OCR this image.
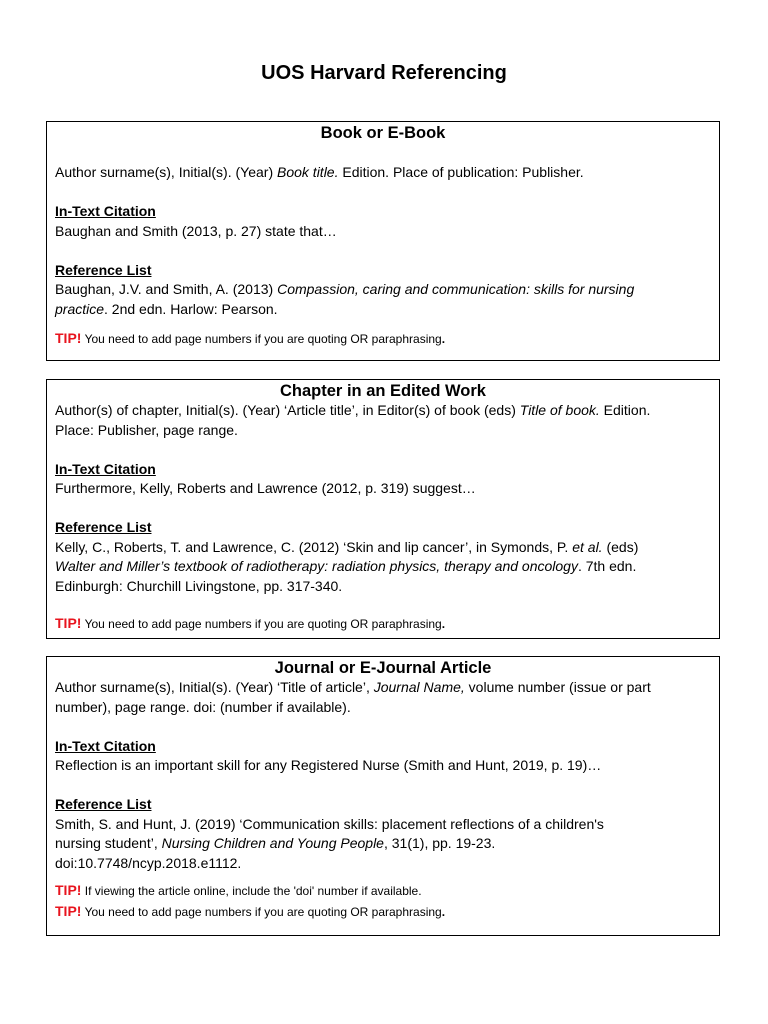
UOS Harvard Referencing
Book or E-Book
Author surname(s), Initial(s). (Year) Book title. Edition. Place of publication: Publisher.
In-Text Citation
Baughan and Smith (2013, p. 27) state that…
Reference List
Baughan, J.V. and Smith, A. (2013) Compassion, caring and communication: skills for nursing
practice. 2nd edn. Harlow: Pearson.
TIP! You need to add page numbers if you are quoting OR paraphrasing.
Chapter in an Edited Work
Author(s) of chapter, Initial(s). (Year) ‘Article title’, in Editor(s) of book (eds) Title of book. Edition.
Place: Publisher, page range.
In-Text Citation
Furthermore, Kelly, Roberts and Lawrence (2012, p. 319) suggest…
Reference List
Kelly, C., Roberts, T. and Lawrence, C. (2012) ‘Skin and lip cancer’, in Symonds, P. et al. (eds)
Walter and Miller’s textbook of radiotherapy: radiation physics, therapy and oncology. 7th edn.
Edinburgh: Churchill Livingstone, pp. 317-340.
TIP! You need to add page numbers if you are quoting OR paraphrasing.
Journal or E-Journal Article
Author surname(s), Initial(s). (Year) ‘Title of article’, Journal Name, volume number (issue or part
number), page range. doi: (number if available).
In-Text Citation
Reflection is an important skill for any Registered Nurse (Smith and Hunt, 2019, p. 19)…
Reference List
Smith, S. and Hunt, J. (2019) ‘Communication skills: placement reflections of a children's
nursing student’, Nursing Children and Young People, 31(1), pp. 19-23.
doi:10.7748/ncyp.2018.e1112.
TIP! If viewing the article online, include the 'doi' number if available.
TIP! You need to add page numbers if you are quoting OR paraphrasing.
